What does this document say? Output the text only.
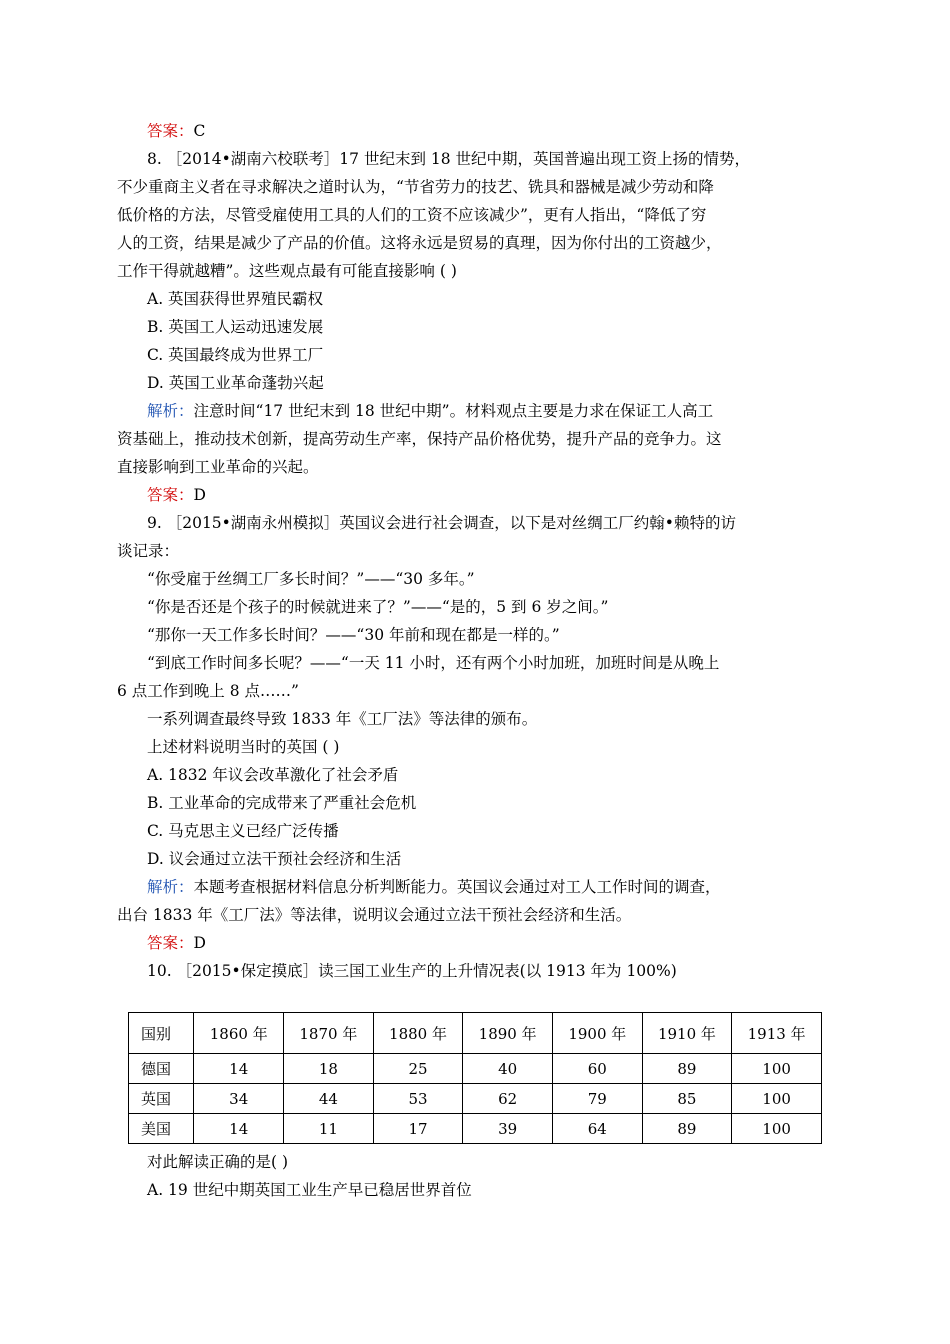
答案：C
8. ［2014•湖南六校联考］17 世纪末到 18 世纪中期，英国普遍出现工资上扬的情势，
不少重商主义者在寻求解决之道时认为，“节省劳力的技艺、铣具和器械是减少劳动和降
低价格的方法，尽管受雇使用工具的人们的工资不应该减少”，更有人指出，“降低了穷
人的工资，结果是减少了产品的价值。这将永远是贸易的真理，因为你付出的工资越少，
工作干得就越糟”。这些观点最有可能直接影响 ( )
A. 英国获得世界殖民霸权
B. 英国工人运动迅速发展
C. 英国最终成为世界工厂
D. 英国工业革命蓬勃兴起
解析：注意时间“17 世纪末到 18 世纪中期”。材料观点主要是力求在保证工人高工
资基础上，推动技术创新，提高劳动生产率，保持产品价格优势，提升产品的竞争力。这
直接影响到工业革命的兴起。
答案：D
9. ［2015•湖南永州模拟］英国议会进行社会调查，以下是对丝绸工厂约翰•赖特的访
谈记录：
“你受雇于丝绸工厂多长时间？”——“30 多年。”
“你是否还是个孩子的时候就进来了？”——“是的，5 到 6 岁之间。”
“那你一天工作多长时间？——“30 年前和现在都是一样的。”
“到底工作时间多长呢？——“一天 11 小时，还有两个小时加班，加班时间是从晚上
6 点工作到晚上 8 点……”
一系列调查最终导致 1833 年《工厂法》等法律的颁布。
上述材料说明当时的英国 ( )
A. 1832 年议会改革激化了社会矛盾
B. 工业革命的完成带来了严重社会危机
C. 马克思主义已经广泛传播
D. 议会通过立法干预社会经济和生活
解析：本题考查根据材料信息分析判断能力。英国议会通过对工人工作时间的调查，
出台 1833 年《工厂法》等法律，说明议会通过立法干预社会经济和生活。
答案：D
10. ［2015•保定摸底］读三国工业生产的上升情况表(以 1913 年为 100%)
国别	1860 年	1870 年	1880 年	1890 年	1900 年	1910 年	1913 年
德国	14	18	25	40	60	89	100
英国	34	44	53	62	79	85	100
美国	14	11	17	39	64	89	100
对此解读正确的是( )
A. 19 世纪中期英国工业生产早已稳居世界首位
